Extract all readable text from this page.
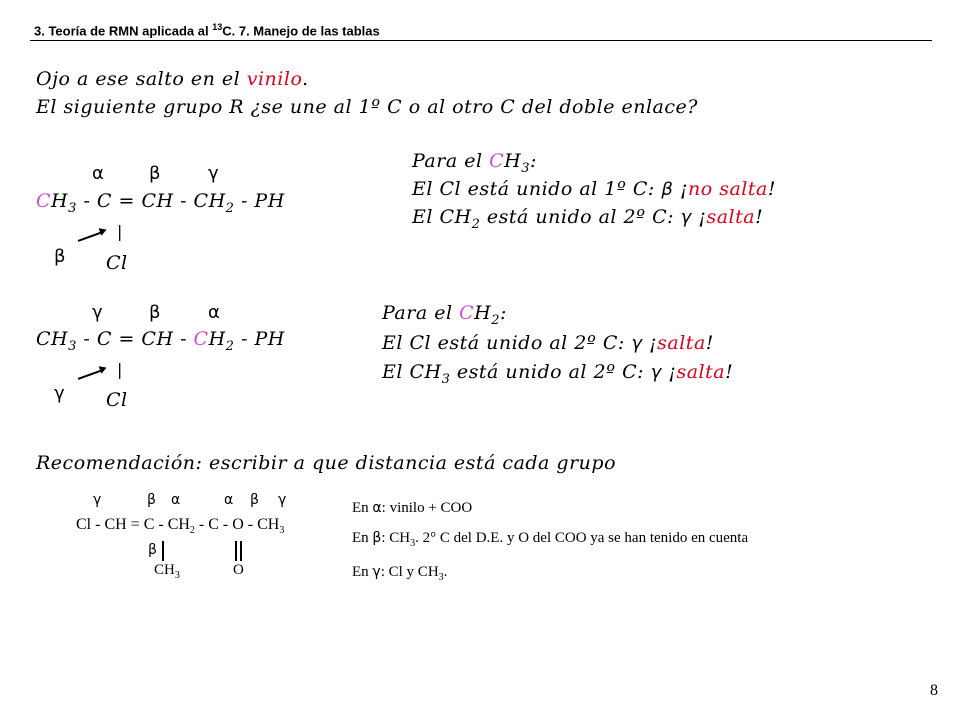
3. Teoría de RMN aplicada al $^{13}$C. 7. Manejo de las tablas
Ojo a ese salto en el vinilo.
El siguiente grupo R ¿se une al 1º C o al otro C del doble enlace?
α	β	γ
$CH_3$ - C = CH - $CH_2$ - PH
|
β Cl
Para el $CH_3$:
El Cl está unido al 1º C: β ¡no salta!
El $CH_2$ está unido al 2º C: γ ¡salta!
γ	β	α
$CH_3$ - C = CH - $CH_2$ - PH
|
γ Cl
Para el $CH_2$:
El Cl está unido al 2º C: γ ¡salta!
El $CH_3$ está unido al 2º C: γ ¡salta!
Recomendación: escribir a que distancia está cada grupo
γ	β α	α β γ
Cl - CH = C - $CH_2$ - C - O - $CH_3$
β
$CH_3$	O
En α: vinilo + COO
En β: $CH_3$. 2° C del D.E. y O del COO ya se han tenido en cuenta
En γ: Cl y $CH_3$.
8
